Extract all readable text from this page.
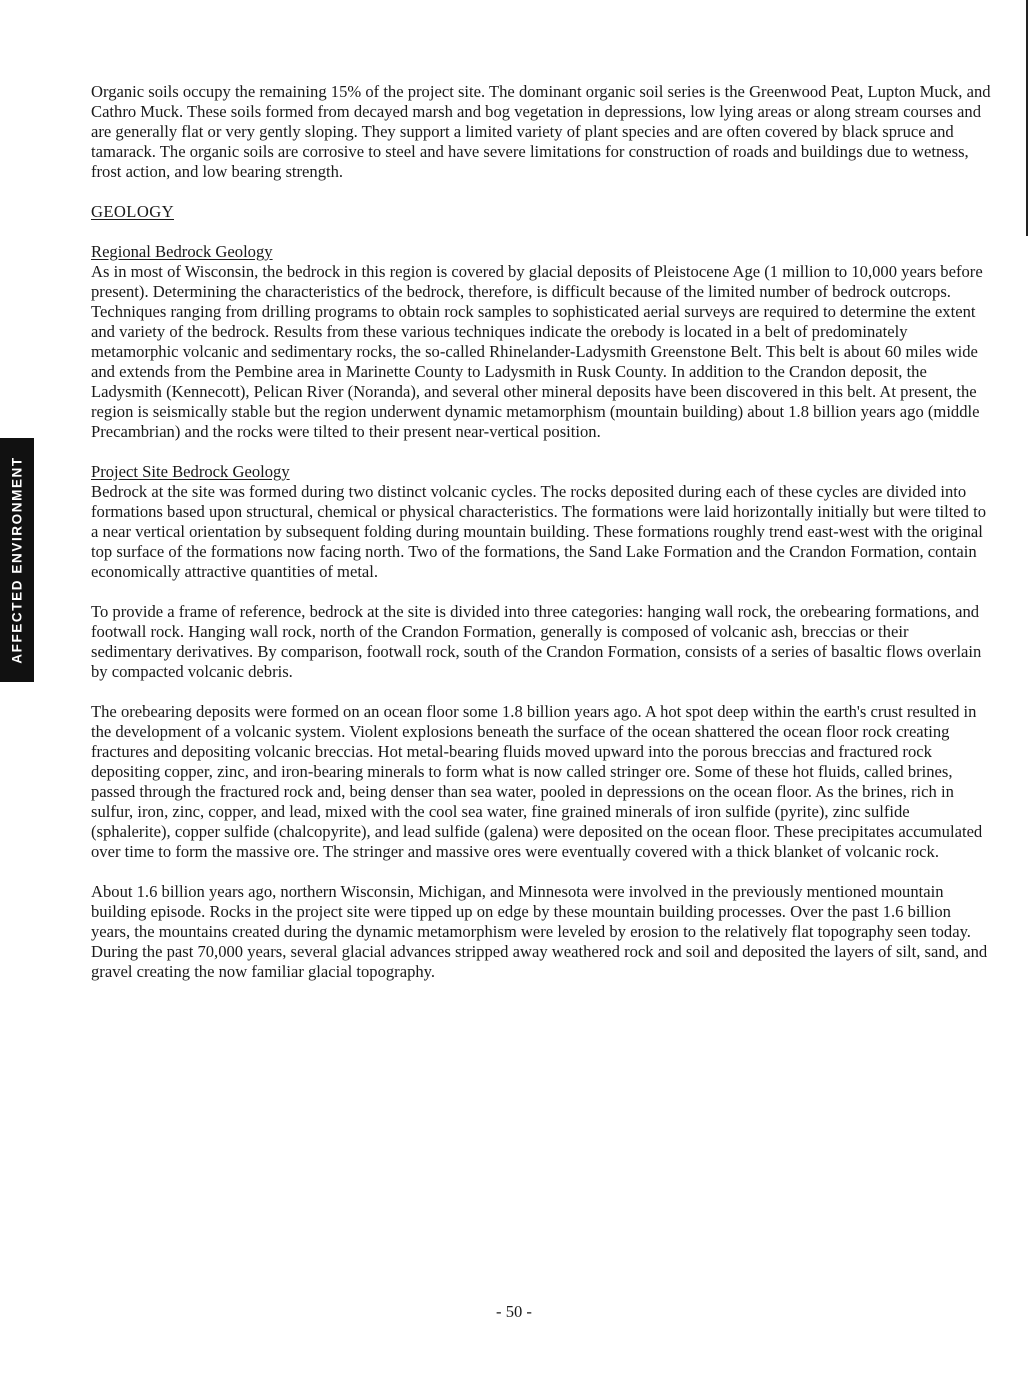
AFFECTED ENVIRONMENT

Organic soils occupy the remaining 15% of the project site. The dominant organic soil series is the Greenwood Peat, Lupton Muck, and Cathro Muck. These soils formed from decayed marsh and bog vegetation in depressions, low lying areas or along stream courses and are generally flat or very gently sloping. They support a limited variety of plant species and are often covered by black spruce and tamarack. The organic soils are corrosive to steel and have severe limitations for construction of roads and buildings due to wetness, frost action, and low bearing strength.

GEOLOGY

Regional Bedrock Geology
As in most of Wisconsin, the bedrock in this region is covered by glacial deposits of Pleistocene Age (1 million to 10,000 years before present). Determining the characteristics of the bedrock, therefore, is difficult because of the limited number of bedrock outcrops. Techniques ranging from drilling programs to obtain rock samples to sophisticated aerial surveys are required to determine the extent and variety of the bedrock. Results from these various techniques indicate the orebody is located in a belt of predominately metamorphic volcanic and sedimentary rocks, the so-called Rhinelander-Ladysmith Greenstone Belt. This belt is about 60 miles wide and extends from the Pembine area in Marinette County to Ladysmith in Rusk County. In addition to the Crandon deposit, the Ladysmith (Kennecott), Pelican River (Noranda), and several other mineral deposits have been discovered in this belt. At present, the region is seismically stable but the region underwent dynamic metamorphism (mountain building) about 1.8 billion years ago (middle Precambrian) and the rocks were tilted to their present near-vertical position.

Project Site Bedrock Geology
Bedrock at the site was formed during two distinct volcanic cycles. The rocks deposited during each of these cycles are divided into formations based upon structural, chemical or physical characteristics. The formations were laid horizontally initially but were tilted to a near vertical orientation by subsequent folding during mountain building. These formations roughly trend east-west with the original top surface of the formations now facing north. Two of the formations, the Sand Lake Formation and the Crandon Formation, contain economically attractive quantities of metal.

To provide a frame of reference, bedrock at the site is divided into three categories: hanging wall rock, the orebearing formations, and footwall rock. Hanging wall rock, north of the Crandon Formation, generally is composed of volcanic ash, breccias or their sedimentary derivatives. By comparison, footwall rock, south of the Crandon Formation, consists of a series of basaltic flows overlain by compacted volcanic debris.

The orebearing deposits were formed on an ocean floor some 1.8 billion years ago. A hot spot deep within the earth's crust resulted in the development of a volcanic system. Violent explosions beneath the surface of the ocean shattered the ocean floor rock creating fractures and depositing volcanic breccias. Hot metal-bearing fluids moved upward into the porous breccias and fractured rock depositing copper, zinc, and iron-bearing minerals to form what is now called stringer ore. Some of these hot fluids, called brines, passed through the fractured rock and, being denser than sea water, pooled in depressions on the ocean floor. As the brines, rich in sulfur, iron, zinc, copper, and lead, mixed with the cool sea water, fine grained minerals of iron sulfide (pyrite), zinc sulfide (sphalerite), copper sulfide (chalcopyrite), and lead sulfide (galena) were deposited on the ocean floor. These precipitates accumulated over time to form the massive ore. The stringer and massive ores were eventually covered with a thick blanket of volcanic rock.

About 1.6 billion years ago, northern Wisconsin, Michigan, and Minnesota were involved in the previously mentioned mountain building episode. Rocks in the project site were tipped up on edge by these mountain building processes. Over the past 1.6 billion years, the mountains created during the dynamic metamorphism were leveled by erosion to the relatively flat topography seen today. During the past 70,000 years, several glacial advances stripped away weathered rock and soil and deposited the layers of silt, sand, and gravel creating the now familiar glacial topography.

- 50 -
